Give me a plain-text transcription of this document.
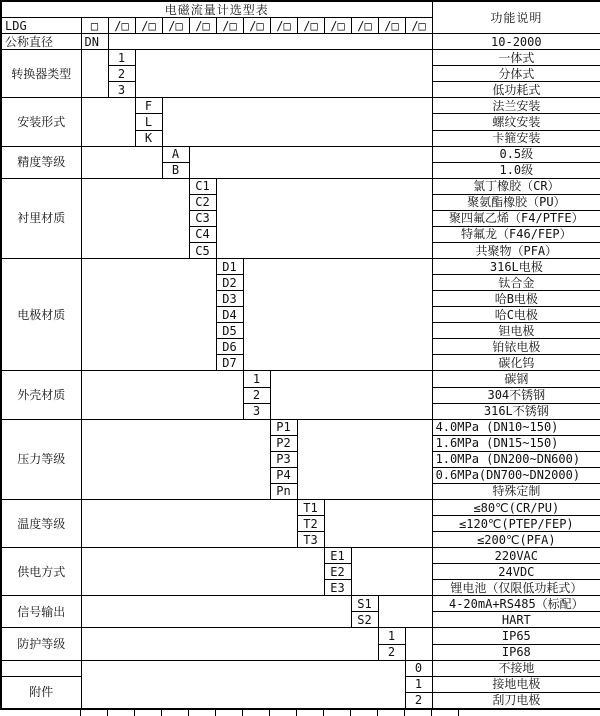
电磁流量计选型表														功能说明
LDG	□	/□	/□	/□	/□	/□	/□	/□	/□	/□	/□	/□	/□	
公称直径	DN													10-2000
转换器类型		1												一体式
		2												分体式
		3												低功耗式
安装形式			F											法兰安装
			L											螺纹安装
			K											卡箍安装
精度等级				A										0.5级
				B										1.0级
衬里材质					C1									氯丁橡胶（CR）
					C2									聚氨酯橡胶（PU）
					C3									聚四氟乙烯（F4/PTFE）
					C4									特氟龙（F46/FEP）
					C5									共聚物（PFA）
电极材质						D1								316L电极
						D2								钛合金
						D3								哈B电极
						D4								哈C电极
						D5								钽电极
						D6								铂铱电极
						D7								碳化钨
外壳材质							1							碳钢
							2							304不锈钢
							3							316L不锈钢
压力等级								P1						4.0MPa (DN10~150)
								P2						1.6MPa (DN15~150)
								P3						1.0MPa (DN200~DN600)
								P4						0.6MPa(DN700~DN2000)
								Pn						特殊定制
温度等级									T1					≤80℃(CR/PU)
									T2					≤120℃(PTEP/FEP)
									T3					≤200℃(PFA)
供电方式										E1				220VAC
										E2				24VDC
										E3				锂电池（仅限低功耗式）
信号输出											S1			4-20mA+RS485（标配）
											S2			HART
防护等级												1		IP65
												2		IP68
													0	不接地
附件													1	接地电极
													2	刮刀电极
